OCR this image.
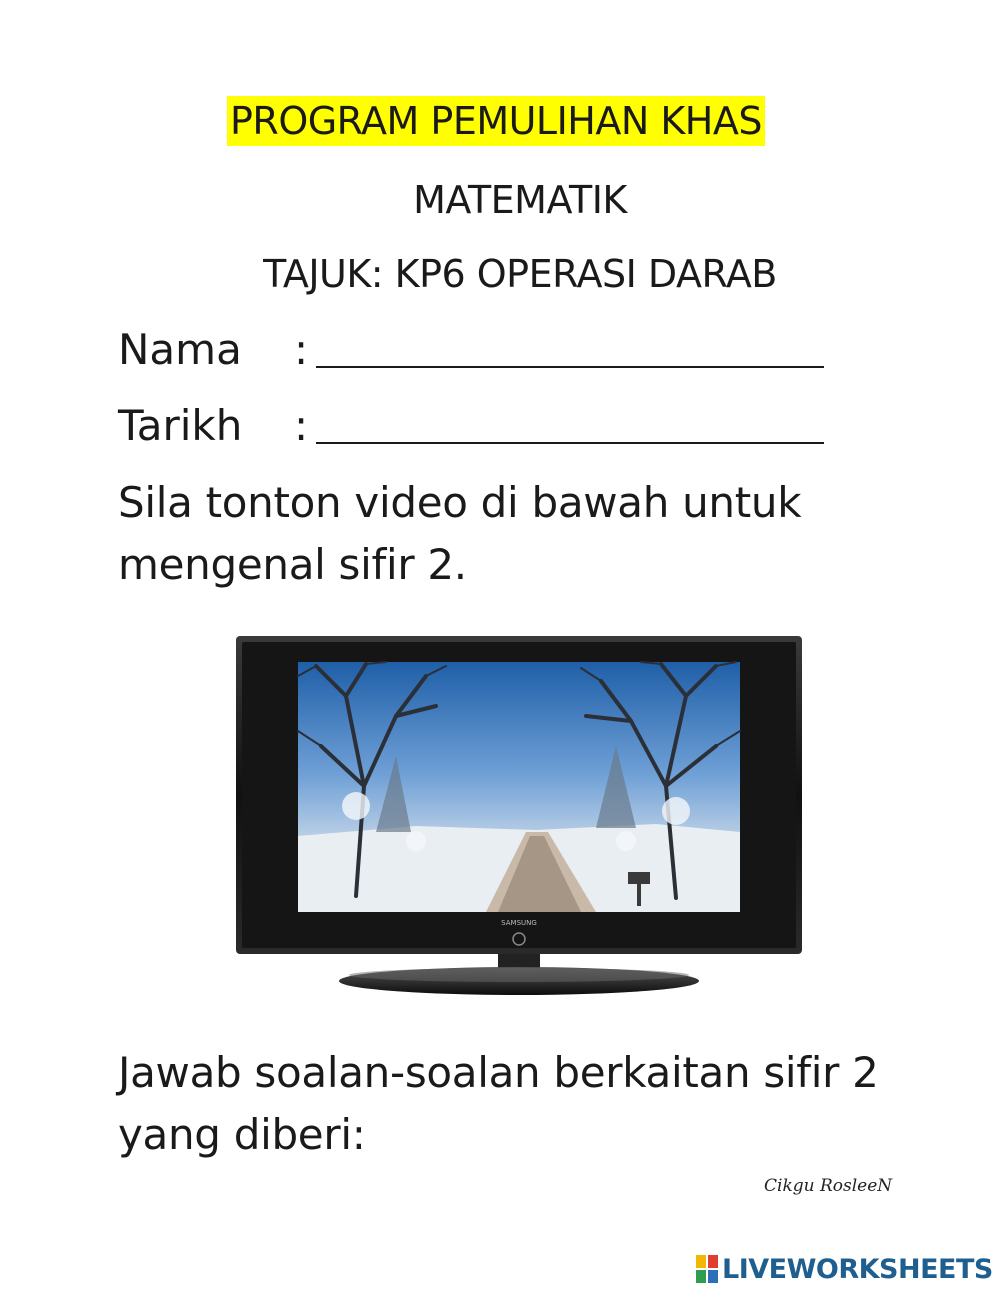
PROGRAM PEMULIHAN KHAS
MATEMATIK
TAJUK: KP6 OPERASI DARAB
Nama :
Tarikh :
Sila tonton video di bawah untuk mengenal sifir 2.
SAMSUNG
Jawab soalan-soalan berkaitan sifir 2 yang diberi:
Cikgu RosleeN
LIVEWORKSHEETS
